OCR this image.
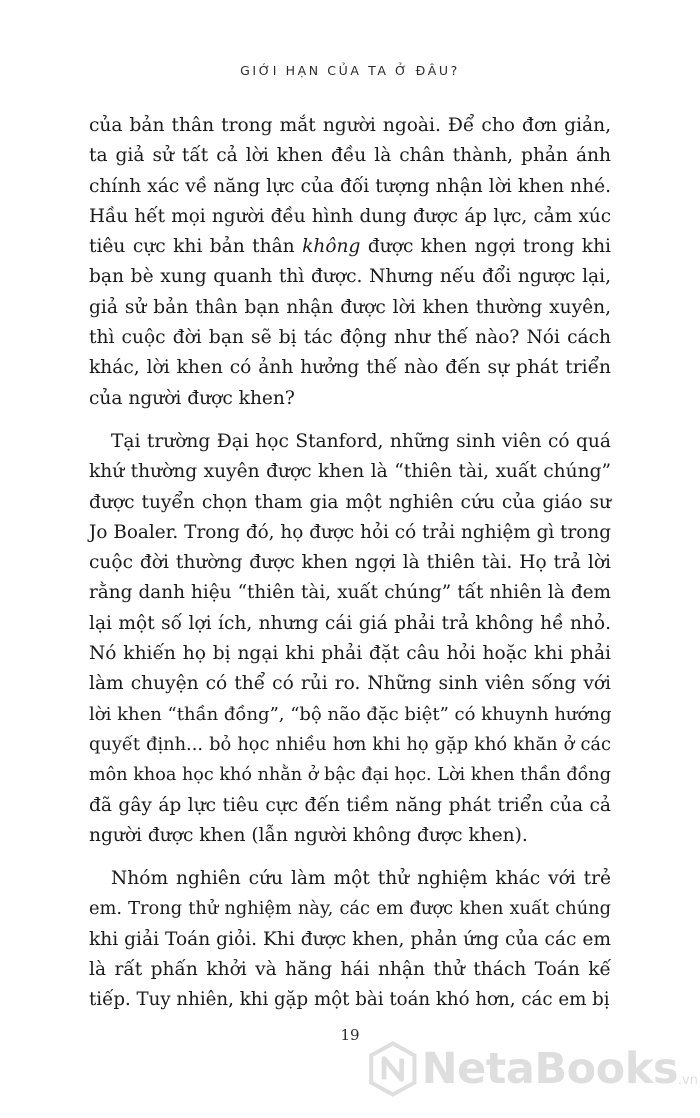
GIỚI HẠN CỦA TA Ở ĐÂU?
của bản thân trong mắt người ngoài. Để cho đơn giản,
ta giả sử tất cả lời khen đều là chân thành, phản ánh
chính xác về năng lực của đối tượng nhận lời khen nhé.
Hầu hết mọi người đều hình dung được áp lực, cảm xúc
tiêu cực khi bản thân không được khen ngợi trong khi
bạn bè xung quanh thì được. Nhưng nếu đổi ngược lại,
giả sử bản thân bạn nhận được lời khen thường xuyên,
thì cuộc đời bạn sẽ bị tác động như thế nào? Nói cách
khác, lời khen có ảnh hưởng thế nào đến sự phát triển
của người được khen?
Tại trường Đại học Stanford, những sinh viên có quá
khứ thường xuyên được khen là “thiên tài, xuất chúng”
được tuyển chọn tham gia một nghiên cứu của giáo sư
Jo Boaler. Trong đó, họ được hỏi có trải nghiệm gì trong
cuộc đời thường được khen ngợi là thiên tài. Họ trả lời
rằng danh hiệu “thiên tài, xuất chúng” tất nhiên là đem
lại một số lợi ích, nhưng cái giá phải trả không hề nhỏ.
Nó khiến họ bị ngại khi phải đặt câu hỏi hoặc khi phải
làm chuyện có thể có rủi ro. Những sinh viên sống với
lời khen “thần đồng”, “bộ não đặc biệt” có khuynh hướng
quyết định... bỏ học nhiều hơn khi họ gặp khó khăn ở các
môn khoa học khó nhằn ở bậc đại học. Lời khen thần đồng
đã gây áp lực tiêu cực đến tiềm năng phát triển của cả
người được khen (lẫn người không được khen).
Nhóm nghiên cứu làm một thử nghiệm khác với trẻ
em. Trong thử nghiệm này, các em được khen xuất chúng
khi giải Toán giỏi. Khi được khen, phản ứng của các em
là rất phấn khởi và hăng hái nhận thử thách Toán kế
tiếp. Tuy nhiên, khi gặp một bài toán khó hơn, các em bị
19
NetaBooks .vn
